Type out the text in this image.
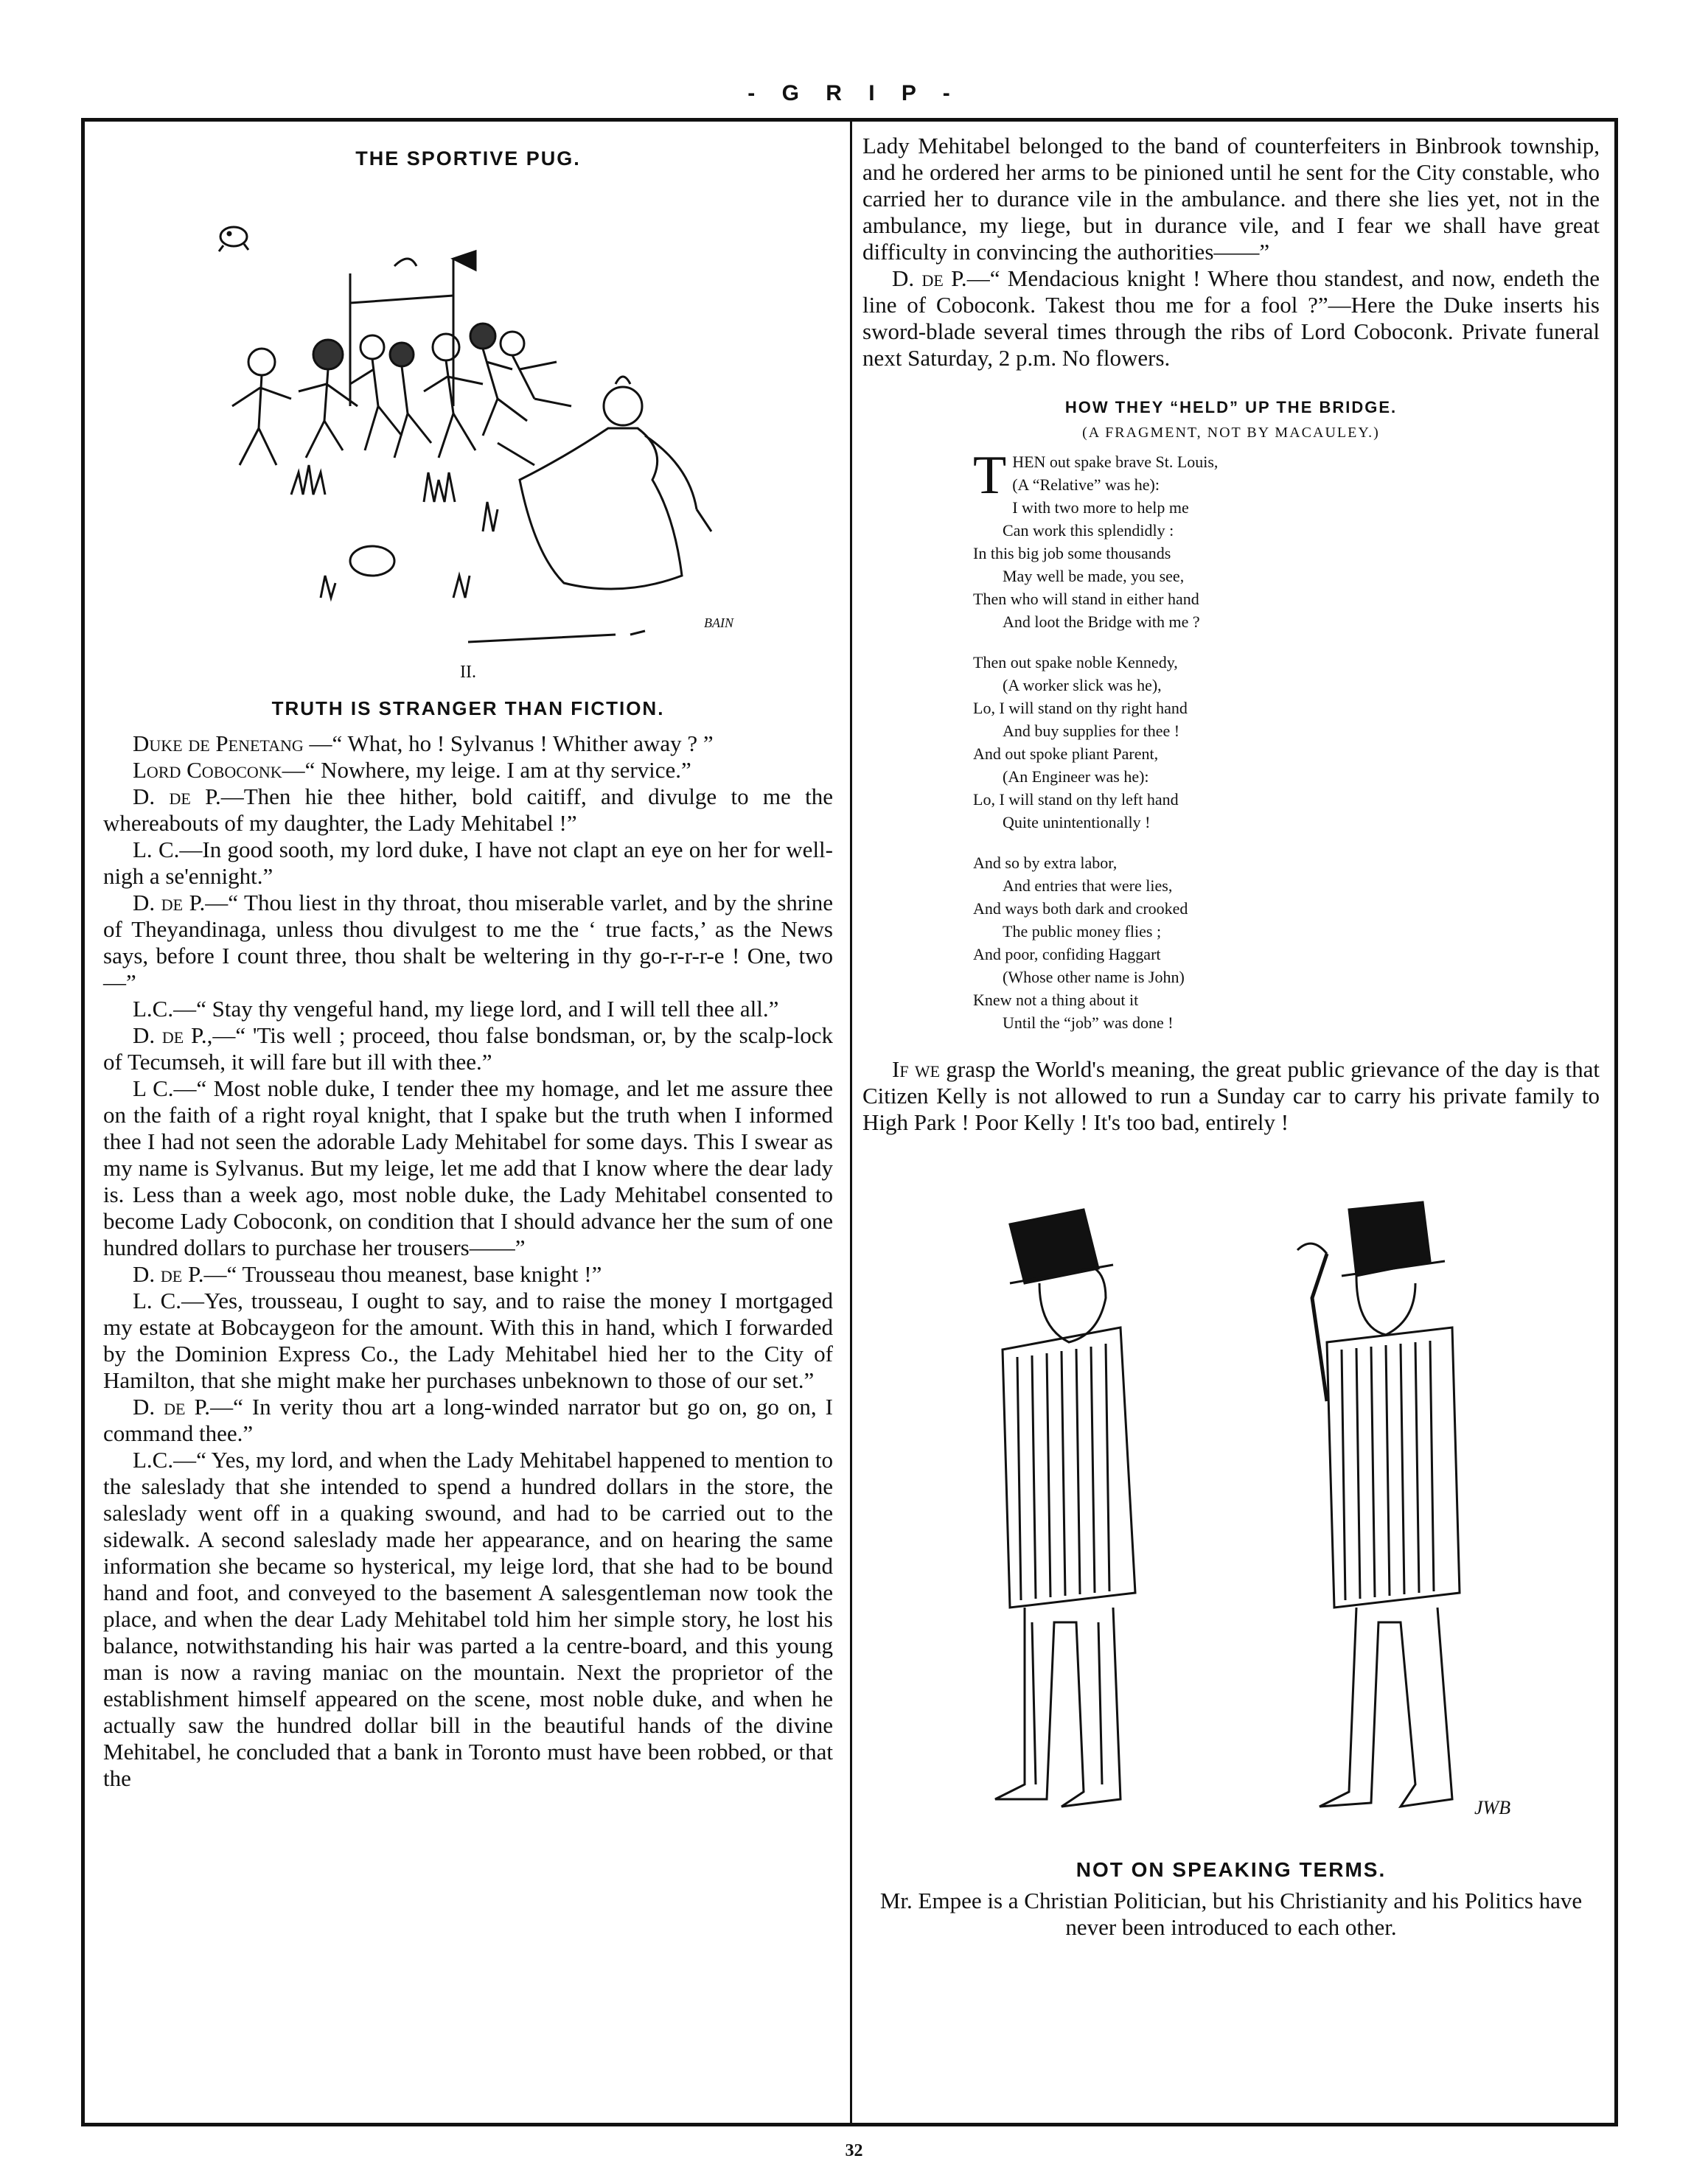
- G R I P -

THE SPORTIVE PUG.

BAIN
II.

TRUTH IS STRANGER THAN FICTION.

Duke de Penetang —“ What, ho ! Sylvanus ! Whither away ? ”

Lord Coboconk—“ Nowhere, my leige. I am at thy service.”

D. de P.—Then hie thee hither, bold caitiff, and divulge to me the whereabouts of my daughter, the Lady Mehitabel !”

L. C.—In good sooth, my lord duke, I have not clapt an eye on her for well-nigh a se'ennight.”

D. de P.—“ Thou liest in thy throat, thou miserable varlet, and by the shrine of Theyandinaga, unless thou divulgest to me the ‘ true facts,’ as the News says, before I count three, thou shalt be weltering in thy go-r-r-r-e ! One, two—”

L.C.—“ Stay thy vengeful hand, my liege lord, and I will tell thee all.”

D. de P.,—“ 'Tis well ; proceed, thou false bondsman, or, by the scalp-lock of Tecumseh, it will fare but ill with thee.”

L C.—“ Most noble duke, I tender thee my homage, and let me assure thee on the faith of a right royal knight, that I spake but the truth when I informed thee I had not seen the adorable Lady Mehitabel for some days. This I swear as my name is Sylvanus. But my leige, let me add that I know where the dear lady is. Less than a week ago, most noble duke, the Lady Mehitabel consented to become Lady Coboconk, on condition that I should advance her the sum of one hundred dollars to purchase her trousers——”

D. de P.—“ Trousseau thou meanest, base knight !”

L. C.—Yes, trousseau, I ought to say, and to raise the money I mortgaged my estate at Bobcaygeon for the amount. With this in hand, which I forwarded by the Dominion Express Co., the Lady Mehitabel hied her to the City of Hamilton, that she might make her purchases unbeknown to those of our set.”

D. de P.—“ In verity thou art a long-winded narrator but go on, go on, I command thee.”

L.C.—“ Yes, my lord, and when the Lady Mehitabel happened to mention to the saleslady that she intended to spend a hundred dollars in the store, the saleslady went off in a quaking swound, and had to be carried out to the sidewalk. A second saleslady made her appearance, and on hearing the same information she became so hysterical, my leige lord, that she had to be bound hand and foot, and conveyed to the basement A salesgentleman now took the place, and when the dear Lady Mehitabel told him her simple story, he lost his balance, notwithstanding his hair was parted a la centre-board, and this young man is now a raving maniac on the mountain. Next the proprietor of the establishment himself appeared on the scene, most noble duke, and when he actually saw the hundred dollar bill in the beautiful hands of the divine Mehitabel, he concluded that a bank in Toronto must have been robbed, or that the

Lady Mehitabel belonged to the band of counterfeiters in Binbrook township, and he ordered her arms to be pinioned until he sent for the City constable, who carried her to durance vile in the ambulance. and there she lies yet, not in the ambulance, my liege, but in durance vile, and I fear we shall have great difficulty in convincing the authorities——”

D. de P.—“ Mendacious knight ! Where thou standest, and now, endeth the line of Coboconk. Takest thou me for a fool ?”—Here the Duke inserts his sword-blade several times through the ribs of Lord Coboconk. Private funeral next Saturday, 2 p.m. No flowers.

HOW THEY “HELD” UP THE BRIDGE.

(A FRAGMENT, NOT BY MACAULEY.)

T HEN out spake brave St. Louis,
(A “Relative” was he):
I with two more to help me
Can work this splendidly :
In this big job some thousands
May well be made, you see,
Then who will stand in either hand
And loot the Bridge with me ?
Then out spake noble Kennedy,
(A worker slick was he),
Lo, I will stand on thy right hand
And buy supplies for thee !
And out spoke pliant Parent,
(An Engineer was he):
Lo, I will stand on thy left hand
Quite unintentionally !
And so by extra labor,
And entries that were lies,
And ways both dark and crooked
The public money flies ;
And poor, confiding Haggart
(Whose other name is John)
Knew not a thing about it
Until the “job” was done !

If we grasp the World's meaning, the great public grievance of the day is that Citizen Kelly is not allowed to run a Sunday car to carry his private family to High Park ! Poor Kelly ! It's too bad, entirely !

JWB

NOT ON SPEAKING TERMS.

Mr. Empee is a Christian Politician, but his Christianity and his Politics have never been introduced to each other.

32
